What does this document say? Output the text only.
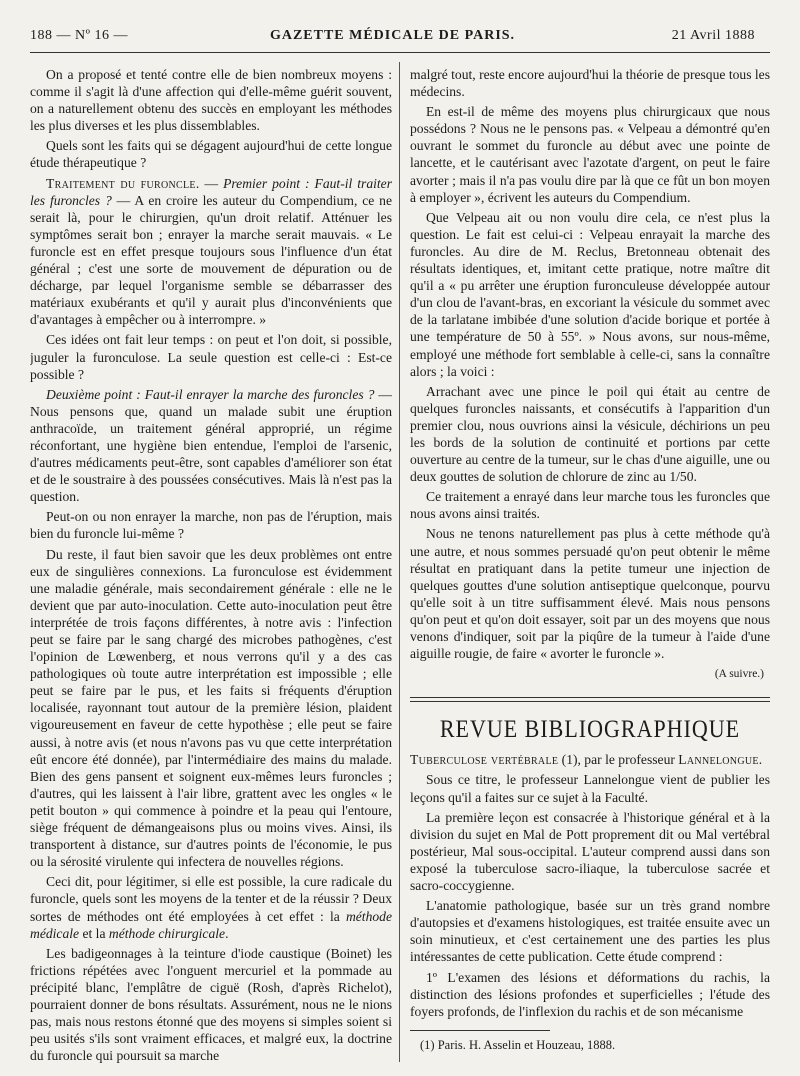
188 — Nº 16 —	GAZETTE MÉDICALE DE PARIS.	21 Avril 1888

On a proposé et tenté contre elle de bien nombreux moyens : comme il s'agit là d'une affection qui d'elle-même guérit souvent, on a naturellement obtenu des succès en employant les méthodes les plus diverses et les plus dissemblables.

Quels sont les faits qui se dégagent aujourd'hui de cette longue étude thérapeutique ?

Traitement du furoncle. — Premier point : Faut-il traiter les furoncles ? — A en croire les auteur du Compendium, ce ne serait là, pour le chirurgien, qu'un droit relatif. Atténuer les symptômes serait bon ; enrayer la marche serait mauvais. « Le furoncle est en effet presque toujours sous l'influence d'un état général ; c'est une sorte de mouvement de dépuration ou de décharge, par lequel l'organisme semble se débarrasser des matériaux exubérants et qu'il y aurait plus d'inconvénients que d'avantages à empêcher ou à interrompre. »

Ces idées ont fait leur temps : on peut et l'on doit, si possible, juguler la furonculose. La seule question est celle-ci : Est-ce possible ?

Deuxième point : Faut-il enrayer la marche des furoncles ? — Nous pensons que, quand un malade subit une éruption anthracoïde, un traitement général approprié, un régime réconfortant, une hygiène bien entendue, l'emploi de l'arsenic, d'autres médicaments peut-être, sont capables d'améliorer son état et de le soustraire à des poussées consécutives. Mais là n'est pas la question.

Peut-on ou non enrayer la marche, non pas de l'éruption, mais bien du furoncle lui-même ?

Du reste, il faut bien savoir que les deux problèmes ont entre eux de singulières connexions. La furonculose est évidemment une maladie générale, mais secondairement générale : elle ne le devient que par auto-inoculation. Cette auto-inoculation peut être interprétée de trois façons différentes, à notre avis : l'infection peut se faire par le sang chargé des microbes pathogènes, c'est l'opinion de Lœwenberg, et nous verrons qu'il y a des cas pathologiques où toute autre interprétation est impossible ; elle peut se faire par le pus, et les faits si fréquents d'éruption localisée, rayonnant tout autour de la première lésion, plaident vigoureusement en faveur de cette hypothèse ; elle peut se faire aussi, à notre avis (et nous n'avons pas vu que cette interprétation eût encore été donnée), par l'intermédiaire des mains du malade. Bien des gens pansent et soignent eux-mêmes leurs furoncles ; d'autres, qui les laissent à l'air libre, grattent avec les ongles « le petit bouton » qui commence à poindre et la peau qui l'entoure, siège fréquent de démangeaisons plus ou moins vives. Ainsi, ils transportent à distance, sur d'autres points de l'économie, le pus ou la sérosité virulente qui infectera de nouvelles régions.

Ceci dit, pour légitimer, si elle est possible, la cure radicale du furoncle, quels sont les moyens de la tenter et de la réussir ? Deux sortes de méthodes ont été employées à cet effet : la méthode médicale et la méthode chirurgicale.

Les badigeonnages à la teinture d'iode caustique (Boinet) les frictions répétées avec l'onguent mercuriel et la pommade au précipité blanc, l'emplâtre de ciguë (Rosh, d'après Richelot), pourraient donner de bons résultats. Assurément, nous ne le nions pas, mais nous restons étonné que des moyens si simples soient si peu usités s'ils sont vraiment efficaces, et malgré eux, la doctrine du furoncle qui poursuit sa marche

malgré tout, reste encore aujourd'hui la théorie de presque tous les médecins.

En est-il de même des moyens plus chirurgicaux que nous possédons ? Nous ne le pensons pas. « Velpeau a démontré qu'en ouvrant le sommet du furoncle au début avec une pointe de lancette, et le cautérisant avec l'azotate d'argent, on peut le faire avorter ; mais il n'a pas voulu dire par là que ce fût un bon moyen à employer », écrivent les auteurs du Compendium.

Que Velpeau ait ou non voulu dire cela, ce n'est plus la question. Le fait est celui-ci : Velpeau enrayait la marche des furoncles. Au dire de M. Reclus, Bretonneau obtenait des résultats identiques, et, imitant cette pratique, notre maître dit qu'il a « pu arrêter une éruption furonculeuse développée autour d'un clou de l'avant-bras, en excoriant la vésicule du sommet avec de la tarlatane imbibée d'une solution d'acide borique et portée à une température de 50 à 55º. » Nous avons, sur nous-même, employé une méthode fort semblable à celle-ci, sans la connaître alors ; la voici :

Arrachant avec une pince le poil qui était au centre de quelques furoncles naissants, et consécutifs à l'apparition d'un premier clou, nous ouvrions ainsi la vésicule, déchirions un peu les bords de la solution de continuité et portions par cette ouverture au centre de la tumeur, sur le chas d'une aiguille, une ou deux gouttes de solution de chlorure de zinc au 1/50.

Ce traitement a enrayé dans leur marche tous les furoncles que nous avons ainsi traités.

Nous ne tenons naturellement pas plus à cette méthode qu'à une autre, et nous sommes persuadé qu'on peut obtenir le même résultat en pratiquant dans la petite tumeur une injection de quelques gouttes d'une solution antiseptique quelconque, pourvu qu'elle soit à un titre suffisamment élevé. Mais nous pensons qu'on peut et qu'on doit essayer, soit par un des moyens que nous venons d'indiquer, soit par la piqûre de la tumeur à l'aide d'une aiguille rougie, de faire « avorter le furoncle ».

(A suivre.)
REVUE BIBLIOGRAPHIQUE

Tuberculose vertébrale (1), par le professeur Lannelongue.

Sous ce titre, le professeur Lannelongue vient de publier les leçons qu'il a faites sur ce sujet à la Faculté.

La première leçon est consacrée à l'historique général et à la division du sujet en Mal de Pott proprement dit ou Mal vertébral postérieur, Mal sous-occipital. L'auteur comprend aussi dans son exposé la tuberculose sacro-iliaque, la tuberculose sacrée et sacro-coccygienne.

L'anatomie pathologique, basée sur un très grand nombre d'autopsies et d'examens histologiques, est traitée ensuite avec un soin minutieux, et c'est certainement une des parties les plus intéressantes de cette publication. Cette étude comprend :

1º L'examen des lésions et déformations du rachis, la distinction des lésions profondes et superficielles ; l'étude des foyers profonds, de l'inflexion du rachis et de son mécanisme

(1) Paris. H. Asselin et Houzeau, 1888.
